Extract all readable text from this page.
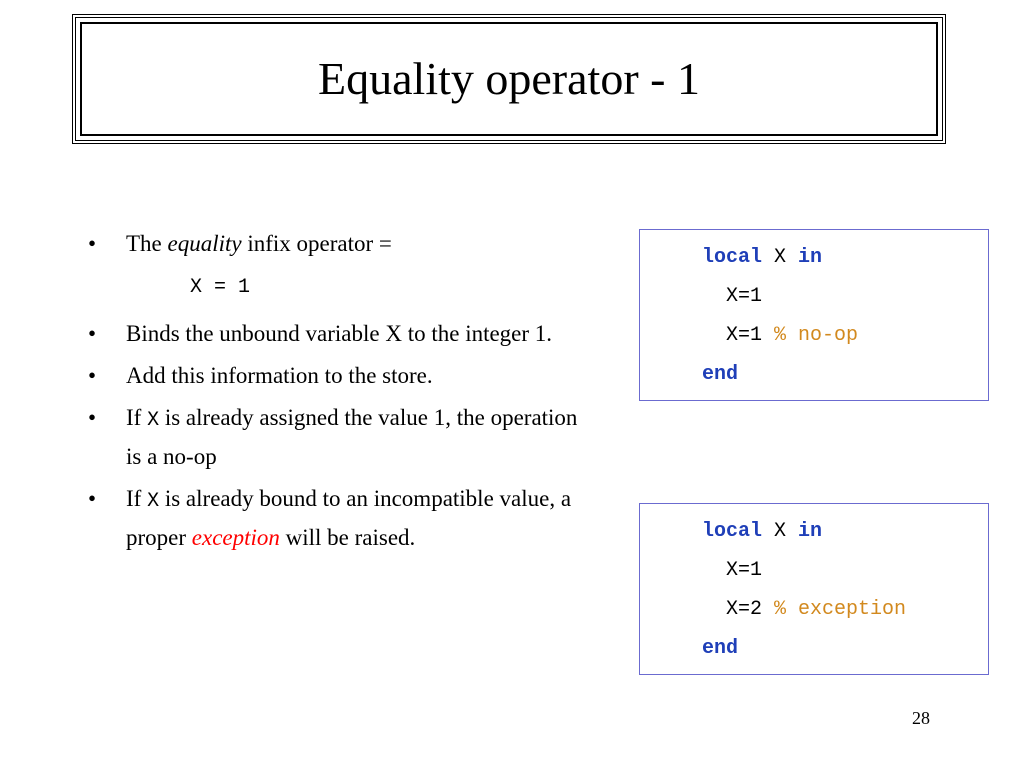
Equality operator - 1

• The equality infix operator =

X = 1

• Binds the unbound variable X to the integer 1.

• Add this information to the store.

• If X is already assigned the value 1, the operation is a no-op

• If X is already bound to an incompatible value, a proper exception will be raised.

local X in
X=1
X=1 % no-op
end
local X in
X=1
X=2 % exception
end
28
